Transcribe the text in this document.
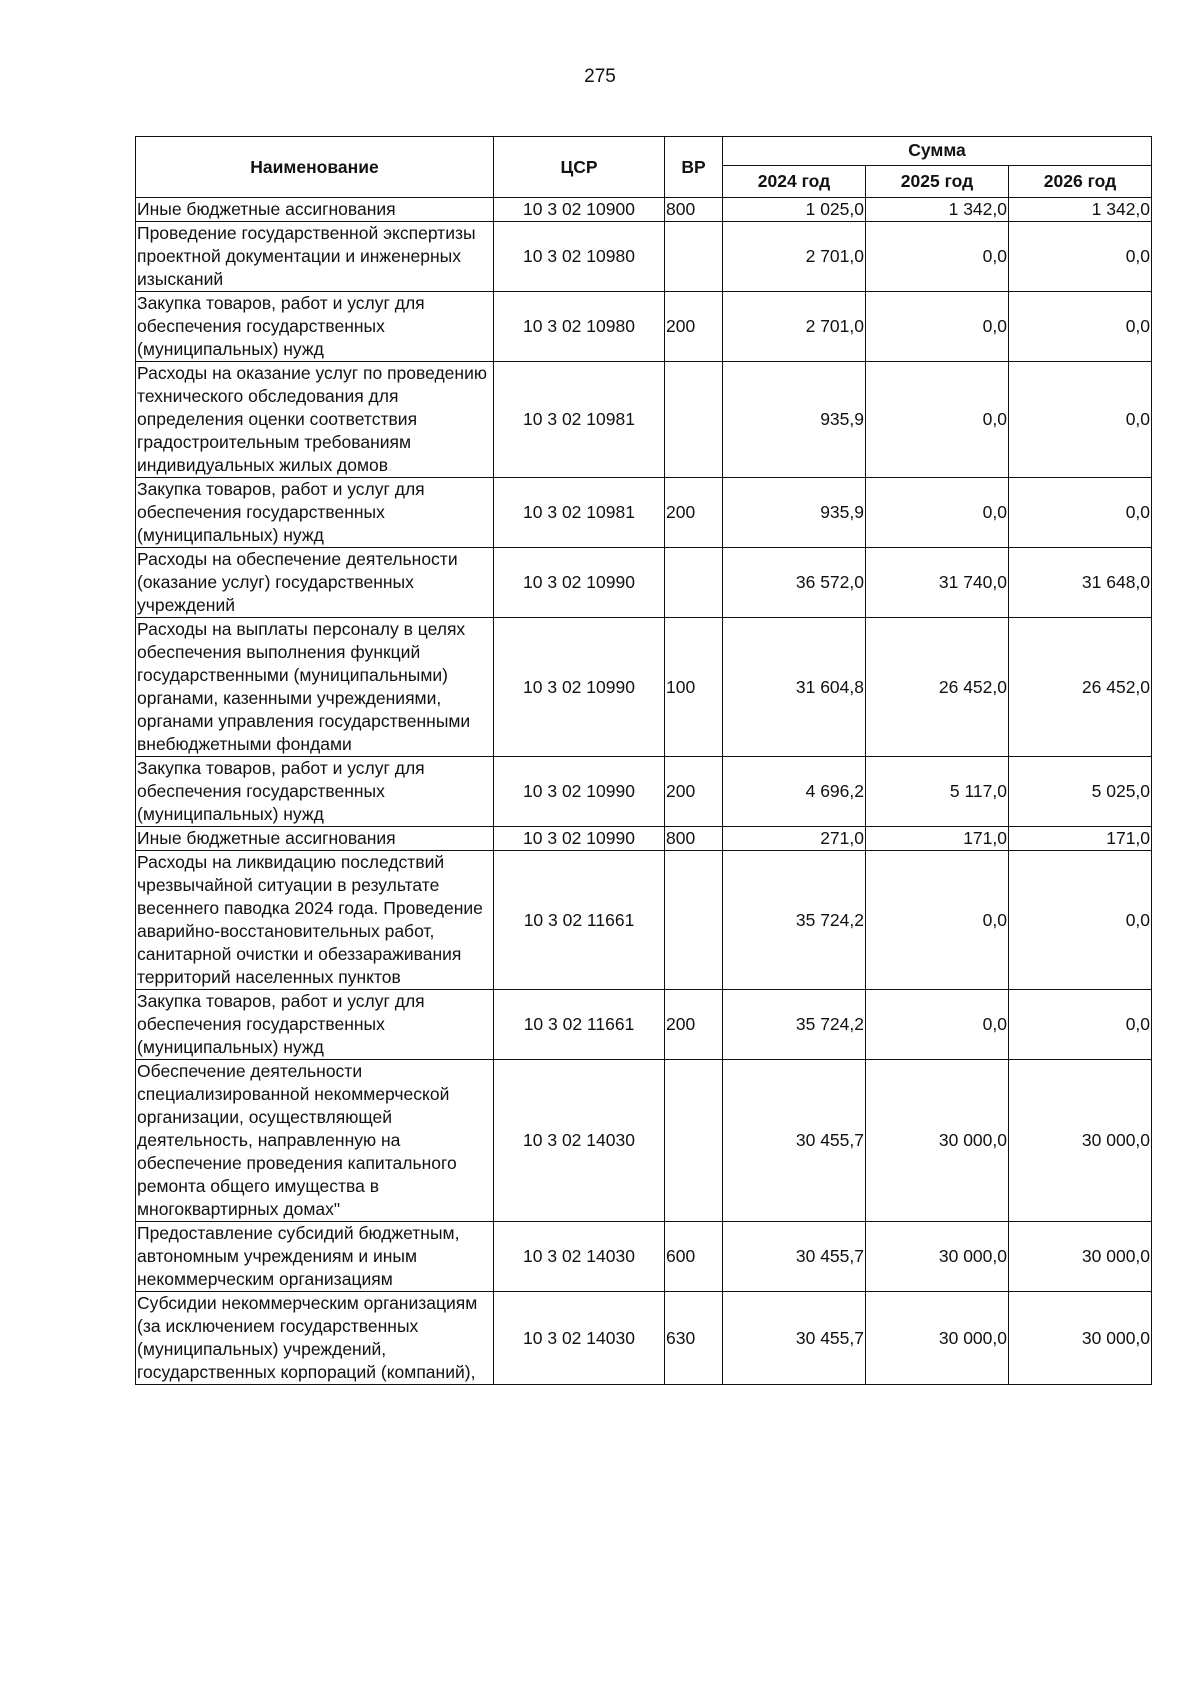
275
Наименование	ЦСР	ВР	Сумма		
			2024 год	2025 год	2026 год
Иные бюджетные ассигнования	10 3 02 10900	800	1 025,0	1 342,0	1 342,0
Проведение государственной экспертизы проектной документации и инженерных изысканий	10 3 02 10980		2 701,0	0,0	0,0
Закупка товаров, работ и услуг для обеспечения государственных (муниципальных) нужд	10 3 02 10980	200	2 701,0	0,0	0,0
Расходы на оказание услуг по проведению технического обследования для определения оценки соответствия градостроительным требованиям индивидуальных жилых домов	10 3 02 10981		935,9	0,0	0,0
Закупка товаров, работ и услуг для обеспечения государственных (муниципальных) нужд	10 3 02 10981	200	935,9	0,0	0,0
Расходы на обеспечение деятельности (оказание услуг) государственных учреждений	10 3 02 10990		36 572,0	31 740,0	31 648,0
Расходы на выплаты персоналу в целях обеспечения выполнения функций государственными (муниципальными) органами, казенными учреждениями, органами управления государственными внебюджетными фондами	10 3 02 10990	100	31 604,8	26 452,0	26 452,0
Закупка товаров, работ и услуг для обеспечения государственных (муниципальных) нужд	10 3 02 10990	200	4 696,2	5 117,0	5 025,0
Иные бюджетные ассигнования	10 3 02 10990	800	271,0	171,0	171,0
Расходы на ликвидацию последствий чрезвычайной ситуации в результате весеннего паводка 2024 года. Проведение аварийно-восстановительных работ, санитарной очистки и обеззараживания территорий населенных пунктов	10 3 02 11661		35 724,2	0,0	0,0
Закупка товаров, работ и услуг для обеспечения государственных (муниципальных) нужд	10 3 02 11661	200	35 724,2	0,0	0,0
Обеспечение деятельности специализированной некоммерческой организации, осуществляющей деятельность, направленную на обеспечение проведения капитального ремонта общего имущества в многоквартирных домах"	10 3 02 14030		30 455,7	30 000,0	30 000,0
Предоставление субсидий бюджетным, автономным учреждениям и иным некоммерческим организациям	10 3 02 14030	600	30 455,7	30 000,0	30 000,0
Субсидии некоммерческим организациям (за исключением государственных (муниципальных) учреждений, государственных корпораций (компаний),	10 3 02 14030	630	30 455,7	30 000,0	30 000,0
